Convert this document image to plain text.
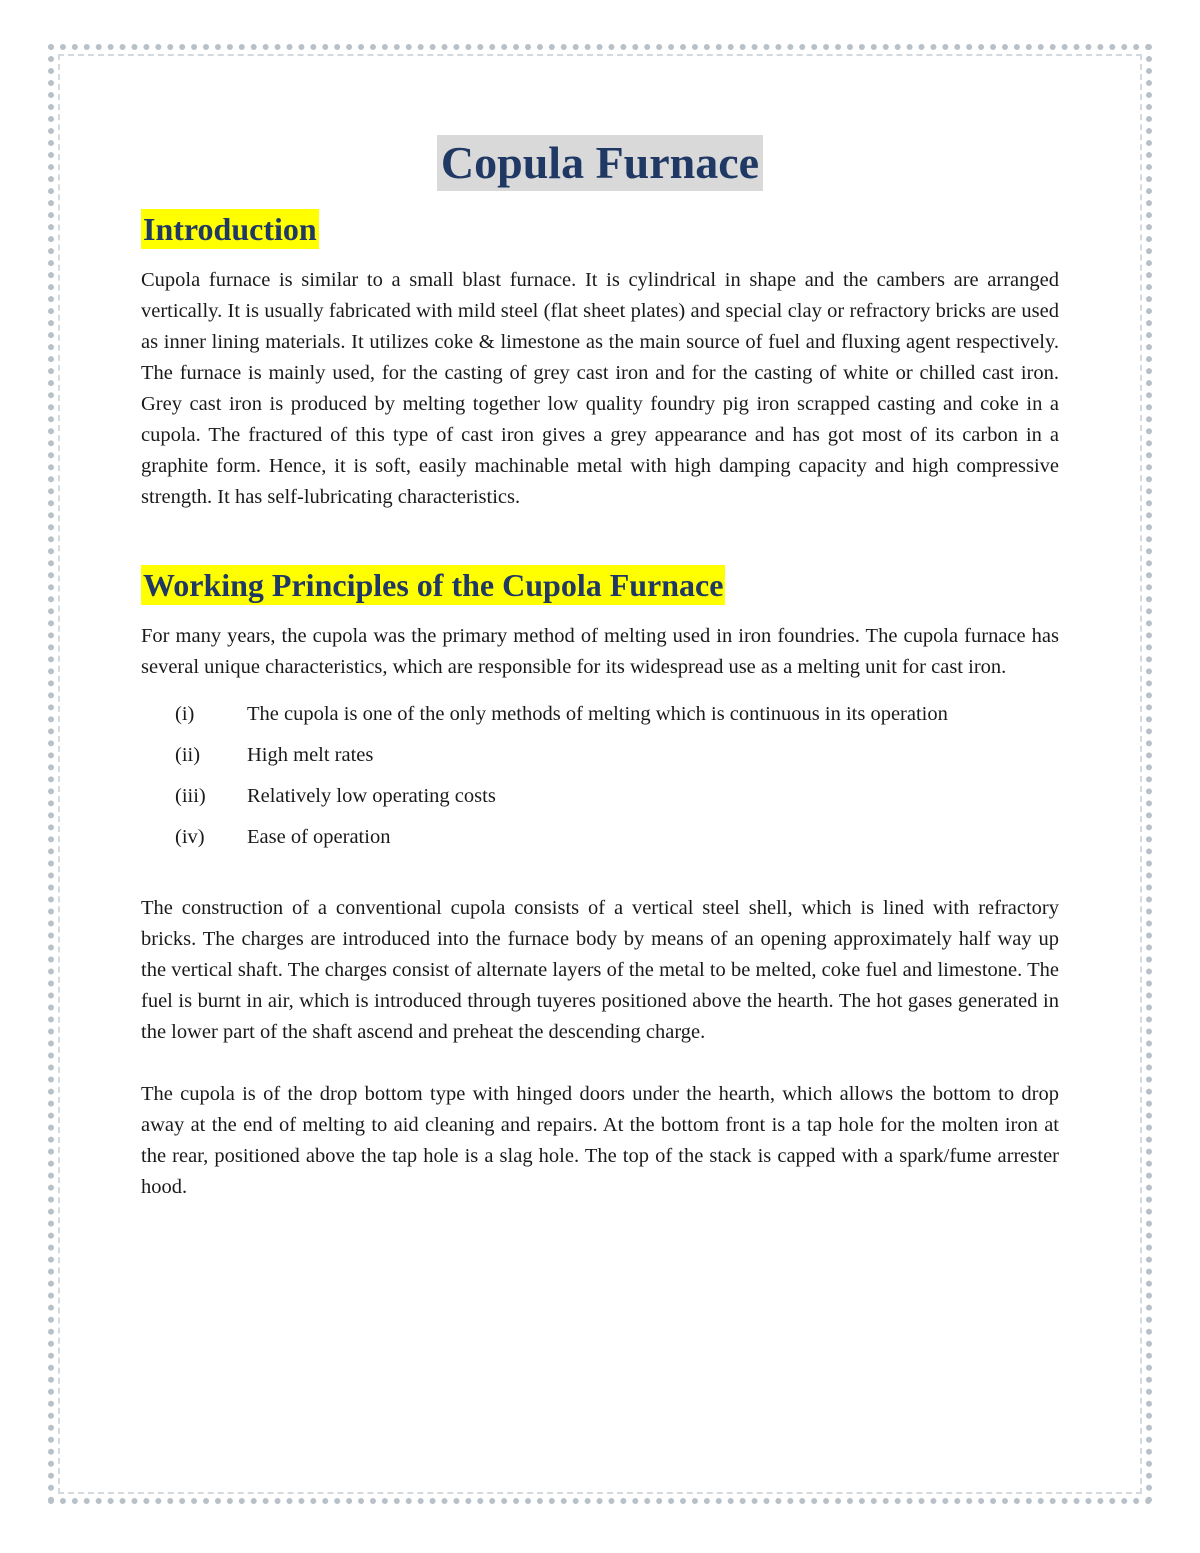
Copula Furnace
Introduction

Cupola furnace is similar to a small blast furnace. It is cylindrical in shape and the cambers are arranged vertically. It is usually fabricated with mild steel (flat sheet plates) and special clay or refractory bricks are used as inner lining materials. It utilizes coke & limestone as the main source of fuel and fluxing agent respectively. The furnace is mainly used, for the casting of grey cast iron and for the casting of white or chilled cast iron. Grey cast iron is produced by melting together low quality foundry pig iron scrapped casting and coke in a cupola. The fractured of this type of cast iron gives a grey appearance and has got most of its carbon in a graphite form. Hence, it is soft, easily machinable metal with high damping capacity and high compressive strength. It has self-lubricating characteristics.

Working Principles of the Cupola Furnace

For many years, the cupola was the primary method of melting used in iron foundries. The cupola furnace has several unique characteristics, which are responsible for its widespread use as a melting unit for cast iron.

(i)	The cupola is one of the only methods of melting which is continuous in its operation
(ii)	High melt rates
(iii)	Relatively low operating costs
(iv)	Ease of operation

The construction of a conventional cupola consists of a vertical steel shell, which is lined with refractory bricks. The charges are introduced into the furnace body by means of an opening approximately half way up the vertical shaft. The charges consist of alternate layers of the metal to be melted, coke fuel and limestone. The fuel is burnt in air, which is introduced through tuyeres positioned above the hearth. The hot gases generated in the lower part of the shaft ascend and preheat the descending charge.

The cupola is of the drop bottom type with hinged doors under the hearth, which allows the bottom to drop away at the end of melting to aid cleaning and repairs. At the bottom front is a tap hole for the molten iron at the rear, positioned above the tap hole is a slag hole. The top of the stack is capped with a spark/fume arrester hood.
